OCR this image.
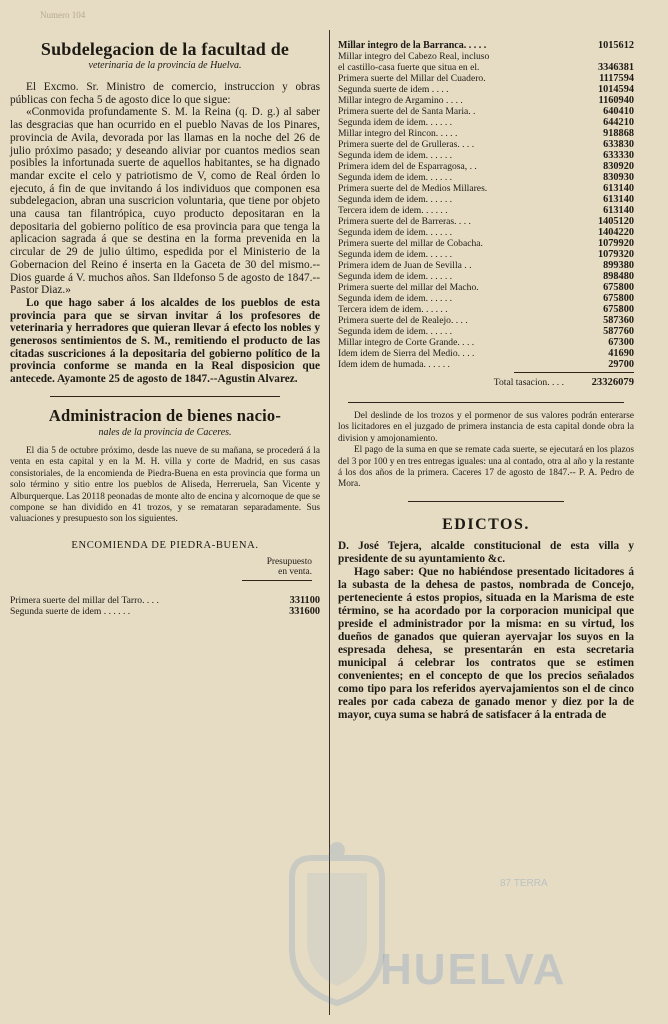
Numero 104
Subdelegacion de la facultad de
veterinaria de la provincia de Huelva.

El Excmo. Sr. Ministro de comercio, instruccion y obras públicas con fecha 5 de agosto dice lo que sigue:

«Conmovida profundamente S. M. la Reina (q. D. g.) al saber las desgracias que han ocurrido en el pueblo Navas de los Pinares, provincia de Avila, devorada por las llamas en la noche del 26 de julio próximo pasado; y deseando aliviar por cuantos medios sean posibles la infortunada suerte de aquellos habitantes, se ha dignado mandar excite el celo y patriotismo de V, como de Real órden lo ejecuto, á fin de que invitando á los individuos que componen esa subdelegacion, abran una suscricion voluntaria, que tiene por objeto una causa tan filantrópica, cuyo producto depositaran en la depositaria del gobierno político de esa provincia para que tenga la aplicacion sagrada á que se destina en la forma prevenida en la circular de 29 de julio último, espedida por el Ministerio de la Gobernacion del Reino é inserta en la Gaceta de 30 del mismo.--Dios guarde á V. muchos años. San Ildefonso 5 de agosto de 1847.--Pastor Diaz.»

Lo que hago saber á los alcaldes de los pueblos de esta provincia para que se sirvan invitar á los profesores de veterinaria y herradores que quieran llevar á efecto los nobles y generosos sentimientos de S. M., remitiendo el producto de las citadas suscriciones á la depositaria del gobierno político de la provincia conforme se manda en la Real disposicion que antecede. Ayamonte 25 de agosto de 1847.--Agustin Alvarez.

Administracion de bienes nacio-
nales de la provincia de Caceres.

El dia 5 de octubre próximo, desde las nueve de su mañana, se procederá á la venta en esta capital y en la M. H. villa y corte de Madrid, en sus casas consistoriales, de la encomienda de Piedra-Buena en esta provincia que forma un solo término y sitio entre los pueblos de Aliseda, Herreruela, San Vicente y Alburquerque. Las 20118 peonadas de monte alto de encina y alcornoque de que se compone se han dividido en 41 trozos, y se remataran separadamente. Sus valuaciones y presupuesto son los siguientes.

ENCOMIENDA DE PIEDRA-BUENA.
Presupuesto
en venta.
Primera suerte del millar del Tarro. . . .	331100
Segunda suerte de idem . . . . . .	331600
Millar integro de la Barranca. . . . .	1015612
Millar integro del Cabezo Real, incluso
el castillo-casa fuerte que situa en el.	3346381
Primera suerte del Millar del Cuadero.	1117594
Segunda suerte de idem . . . .	1014594
Millar integro de Argamino . . . .	1160940
Primera suerte del de Santa Maria. .	640410
Segunda idem de idem. . . . . .	644210
Millar integro del Rincon. . . . .	918868
Primera suerte del de Grulleras. . . .	633830
Segunda idem de idem. . . . . .	633330
Primera idem del de Esparragosa, . .	830920
Segunda idem de idem. . . . . .	830930
Primera suerte del de Medios Millares.	613140
Segunda idem de idem. . . . . .	613140
Tercera idem de idem. . . . . .	613140
Primera suerte del de Barreras. . . .	1405120
Segunda idem de idem. . . . . .	1404220
Primera suerte del millar de Cobacha.	1079920
Segunda idem de idem. . . . . .	1079320
Primera idem de Juan de Sevilla . .	899380
Segunda idem de idem. . . . . .	898480
Primera suerte del millar del Macho.	675800
Segunda idem de idem. . . . . .	675800
Tercera idem de idem. . . . . .	675800
Primera suerte del de Realejo. . . .	587360
Segunda idem de idem. . . . . .	587760
Millar integro de Corte Grande. . . .	67300
Idem idem de Sierra del Medio. . . .	41690
Idem idem de humada. . . . . .	29700
Total tasacion. . . .	23326079

Del deslinde de los trozos y el pormenor de sus valores podrán enterarse los licitadores en el juzgado de primera instancia de esta capital donde obra la division y amojonamiento.

El pago de la suma en que se remate cada suerte, se ejecutará en los plazos del 3 por 100 y en tres entregas iguales: una al contado, otra al año y la restante á los dos años de la primera. Caceres 17 de agosto de 1847.-- P. A. Pedro de Mora.

EDICTOS.

D. José Tejera, alcalde constitucional de esta villa y presidente de su ayuntamiento &c.

Hago saber: Que no habiéndose presentado licitadores á la subasta de la dehesa de pastos, nombrada de Concejo, perteneciente á estos propios, situada en la Marisma de este término, se ha acordado por la corporacion municipal que preside el administrador por la misma: en su virtud, los dueños de ganados que quieran ayervajar los suyos en la espresada dehesa, se presentarán en esta secretaria municipal á celebrar los contratos que se estimen convenientes; en el concepto de que los precios señalados como tipo para los referidos ayervajamientos son el de cinco reales por cada cabeza de ganado menor y diez por la de mayor, cuya suma se habrá de satisfacer á la entrada de

87 TERRA
HUELVA
